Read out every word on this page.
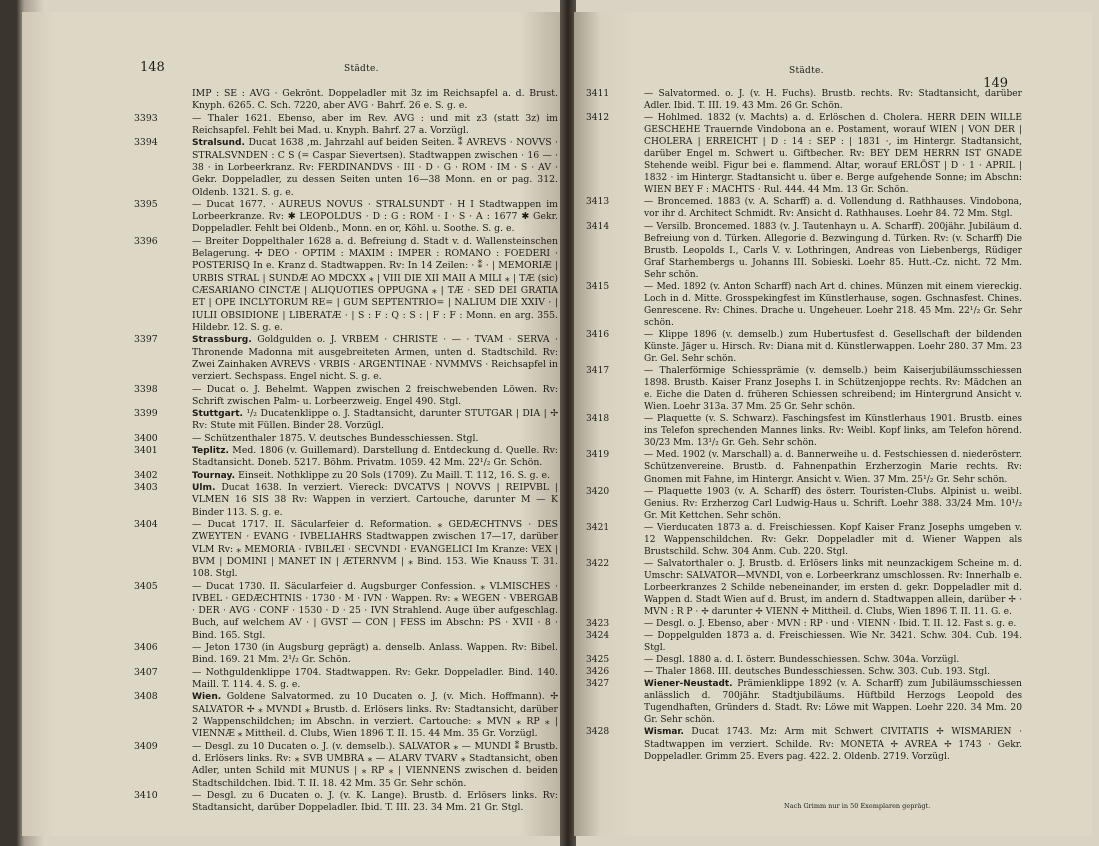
148	Städte.
IMP : SE : AVG · Gekrönt. Doppeladler mit 3z im Reichsapfel a. d. Brust. Knyph. 6265. C. Sch. 7220, aber AVG · Bahrf. 26 e. S. g. e.
3393	— Thaler 1621. Ebenso, aber im Rev. AVG : und mit z3 (statt 3z) im Reichsapfel. Fehlt bei Mad. u. Knyph. Bahrf. 27 a. Vorzügl.
3394	Stralsund. Ducat 1638 ,m. Jahrzahl auf beiden Seiten. ⁑ AVREVS · NOVVS · STRALSVNDEN : C S (= Caspar Sievertsen). Stadtwappen zwischen · 16 — · 38 · in Lorbeerkranz. Rv: FERDINANDVS · III · D · G · ROM · IM · S · AV · Gekr. Doppeladler, zu dessen Seiten unten 16—38 Monn. en or pag. 312. Oldenb. 1321. S. g. e.
3395	— Ducat 1677. · AUREUS NOVUS · STRALSUNDT · H I Stadtwappen im Lorbeerkranze. Rv: ✱ LEOPOLDUS · D : G : ROM · I · S · A : 1677 ✱ Gekr. Doppeladler. Fehlt bei Oldenb., Monn. en or, Köhl. u. Soothe. S. g. e.
3396	— Breiter Doppelthaler 1628 a. d. Befreiung d. Stadt v. d. Wallensteinschen Belagerung. ✢ DEO · OPTIM : MAXIM : IMPER : ROMANO : FOEDERI · POSTERISQ In e. Kranz d. Stadtwappen. Rv: In 14 Zeilen: · ⁑ · | MEMORIÆ | URBIS STRAL | SUNDÆ AO MDCXX ⁎ | VIII DIE XII MAII A MILI ⁎ | TÆ (sic) CÆSARIANO CINCTÆ | ALIQUOTIES OPPUGNA ⁎ | TÆ · SED DEI GRATIA ET | OPE INCLYTORUM RE= | GUM SEPTENTRIO= | NALIUM DIE XXIV · | IULII OBSIDIONE | LIBERATÆ · | S : F : Q : S : | F : F : Monn. en arg. 355. Hildebr. 12. S. g. e.
3397	Strassburg. Goldgulden o. J. VRBEM · CHRISTE · — · TVAM · SERVA · Thronende Madonna mit ausgebreiteten Armen, unten d. Stadtschild. Rv: Zwei Zainhaken AVREVS · VRBIS · ARGENTINAE · NVMMVS · Reichsapfel in verziert. Sechspass. Engel nicht. S. g. e.
3398	— Ducat o. J. Behelmt. Wappen zwischen 2 freischwebenden Löwen. Rv: Schrift zwischen Palm- u. Lorbeerzweig. Engel 490. Stgl.
3399	Stuttgart. ¹/₂ Ducatenklippe o. J. Stadtansicht, darunter STUTGAR | DIA | ✢ Rv: Stute mit Füllen. Binder 28. Vorzügl.
3400	— Schützenthaler 1875. V. deutsches Bundesschiessen. Stgl.
3401	Teplitz. Med. 1806 (v. Guillemard). Darstellung d. Entdeckung d. Quelle. Rv: Stadtansicht. Doneb. 5217. Böhm. Privatm. 1059. 42 Mm. 22¹/₂ Gr. Schön.
3402	Tournay. Einseit. Nothklippe zu 20 Sols (1709). Zu Maill. T. 112, 16. S. g. e.
3403	Ulm. Ducat 1638. In verziert. Viereck: DVCATVS | NOVVS | REIPVBL | VLMEN 16 SIS 38 Rv: Wappen in verziert. Cartouche, darunter M — K Binder 113. S. g. e.
3404	— Ducat 1717. II. Säcularfeier d. Reformation. ⁎ GEDÆCHTNVS · DES ZWEYTEN · EVANG · IVBELIAHRS Stadtwappen zwischen 17—17, darüber VLM Rv: ⁎ MEMORIA · IVBILÆI · SECVNDI · EVANGELICI Im Kranze: VEX | BVM | DOMINI | MANET IN | ÆTERNVM | ⁎ Bind. 153. Wie Knauss T. 31. 108. Stgl.
3405	— Ducat 1730. II. Säcularfeier d. Augsburger Confession. ⁎ VLMISCHES · IVBEL · GEDÆCHTNIS · 1730 · M · IVN · Wappen. Rv: ⁎ WEGEN · VBERGAB · DER · AVG · CONF · 1530 · D · 25 · IVN Strahlend. Auge über aufgeschlag. Buch, auf welchem AV · | GVST — CON | FESS im Abschn: PS · XVII · 8 · Bind. 165. Stgl.
3406	— Jeton 1730 (in Augsburg geprägt) a. denselb. Anlass. Wappen. Rv: Bibel. Bind. 169. 21 Mm. 2¹/₂ Gr. Schön.
3407	— Nothguldenklippe 1704. Stadtwappen. Rv: Gekr. Doppeladler. Bind. 140. Maill. T. 114. 4. S. g. e.
3408	Wien. Goldene Salvatormed. zu 10 Ducaten o. J. (v. Mich. Hoffmann). ✢ SALVATOR ✢ ⁎ MVNDI ⁎ Brustb. d. Erlösers links. Rv: Stadtansicht, darüber 2 Wappenschildchen; im Abschn. in verziert. Cartouche: ⁎ MVN ⁎ RP ⁎ | VIENNÆ ⁎ Mittheil. d. Clubs, Wien 1896 T. II. 15. 44 Mm. 35 Gr. Vorzügl.
3409	— Desgl. zu 10 Ducaten o. J. (v. demselb.). SALVATOR ⁎ — MUNDI ⁑ Brustb. d. Erlösers links. Rv: ⁎ SVB UMBRA ⁎ — ALARV TVARV ⁎ Stadtansicht, oben Adler, unten Schild mit MUNUS | ⁎ RP ⁎ | VIENNENS zwischen d. beiden Stadtschildchen. Ibid. T. II. 18. 42 Mm. 35 Gr. Sehr schön.
3410	— Desgl. zu 6 Ducaten o. J. (v. K. Lange). Brustb. d. Erlösers links. Rv: Stadtansicht, darüber Doppeladler. Ibid. T. III. 23. 34 Mm. 21 Gr. Stgl.
Städte.
149
3411	— Salvatormed. o. J. (v. H. Fuchs). Brustb. rechts. Rv: Stadtansicht, darüber Adler. Ibid. T. III. 19. 43 Mm. 26 Gr. Schön.
3412	— Hohlmed. 1832 (v. Machts) a. d. Erlöschen d. Cholera. HERR DEIN WILLE GESCHEHE Trauernde Vindobona an e. Postament, worauf WIEN | VON DER | CHOLERA | ERREICHT | D : 14 : SEP : | 1831 ·, im Hintergr. Stadtansicht, darüber Engel m. Schwert u. Giftbecher. Rv: BEY DEM HERRN IST GNADE Stehende weibl. Figur bei e. flammend. Altar, worauf ERLÖST | D · 1 · APRIL | 1832 · im Hintergr. Stadtansicht u. über e. Berge aufgehende Sonne; im Abschn: WIEN BEY F : MACHTS · Rul. 444. 44 Mm. 13 Gr. Schön.
3413	— Broncemed. 1883 (v. A. Scharff) a. d. Vollendung d. Rathhauses. Vindobona, vor ihr d. Architect Schmidt. Rv: Ansicht d. Rathhauses. Loehr 84. 72 Mm. Stgl.
3414	— Versilb. Broncemed. 1883 (v. J. Tautenhayn u. A. Scharff). 200jähr. Jubiläum d. Befreiung von d. Türken. Allegorie d. Bezwingung d. Türken. Rv: (v. Scharff) Die Brustb. Leopolds I., Carls V. v. Lothringen, Andreas von Liebenbergs, Rüdiger Graf Starhembergs u. Johanns III. Sobieski. Loehr 85. Hutt.-Cz. nicht. 72 Mm. Sehr schön.
3415	— Med. 1892 (v. Anton Scharff) nach Art d. chines. Münzen mit einem viereckig. Loch in d. Mitte. Grosspekingfest im Künstlerhause, sogen. Gschnasfest. Chines. Genrescene. Rv: Chines. Drache u. Ungeheuer. Loehr 218. 45 Mm. 22¹/₂ Gr. Sehr schön.
3416	— Klippe 1896 (v. demselb.) zum Hubertusfest d. Gesellschaft der bildenden Künste. Jäger u. Hirsch. Rv: Diana mit d. Künstlerwappen. Loehr 280. 37 Mm. 23 Gr. Gel. Sehr schön.
3417	— Thalerförmige Schiessprämie (v. demselb.) beim Kaiserjubiläumsschiessen 1898. Brustb. Kaiser Franz Josephs I. in Schützenjoppe rechts. Rv: Mädchen an e. Eiche die Daten d. früheren Schiessen schreibend; im Hintergrund Ansicht v. Wien. Loehr 313a. 37 Mm. 25 Gr. Sehr schön.
3418	— Plaquette (v. S. Schwarz). Faschingsfest im Künstlerhaus 1901. Brustb. eines ins Telefon sprechenden Mannes links. Rv: Weibl. Kopf links, am Telefon hörend. 30/23 Mm. 13¹/₂ Gr. Geh. Sehr schön.
3419	— Med. 1902 (v. Marschall) a. d. Bannerweihe u. d. Festschiessen d. niederösterr. Schützenvereine. Brustb. d. Fahnenpathin Erzherzogin Marie rechts. Rv: Gnomen mit Fahne, im Hintergr. Ansicht v. Wien. 37 Mm. 25¹/₂ Gr. Sehr schön.
3420	— Plaquette 1903 (v. A. Scharff) des österr. Touristen-Clubs. Alpinist u. weibl. Genius. Rv: Erzherzog Carl Ludwig-Haus u. Schrift. Loehr 388. 33/24 Mm. 10¹/₂ Gr. Mit Kettchen. Sehr schön.
3421	— Vierducaten 1873 a. d. Freischiessen. Kopf Kaiser Franz Josephs umgeben v. 12 Wappenschildchen. Rv: Gekr. Doppeladler mit d. Wiener Wappen als Brustschild. Schw. 304 Anm. Cub. 220. Stgl.
3422	— Salvatorthaler o. J. Brustb. d. Erlösers links mit neunzackigem Scheine m. d. Umschr: SALVATOR—MVNDI, von e. Lorbeerkranz umschlossen. Rv: Innerhalb e. Lorbeerkranzes 2 Schilde nebeneinander, im ersten d. gekr. Doppeladler mit d. Wappen d. Stadt Wien auf d. Brust, im andern d. Stadtwappen allein, darüber ✢ · MVN : R P · ✢ darunter ✢ VIENN ✢ Mittheil. d. Clubs, Wien 1896 T. II. 11. G. e.
3423	— Desgl. o. J. Ebenso, aber · MVN : RP · und · VIENN · Ibid. T. II. 12. Fast s. g. e.
3424	— Doppelgulden 1873 a. d. Freischiessen. Wie Nr. 3421. Schw. 304. Cub. 194. Stgl.
3425	— Desgl. 1880 a. d. I. österr. Bundesschiessen. Schw. 304a. Vorzügl.
3426	— Thaler 1868. III. deutsches Bundesschiessen. Schw. 303. Cub. 193. Stgl.
3427	Wiener-Neustadt. Prämienklippe 1892 (v. A. Scharff) zum Jubiläumsschiessen anlässlich d. 700jähr. Stadtjubiläums. Hüftbild Herzogs Leopold des Tugendhaften, Gründers d. Stadt. Rv: Löwe mit Wappen. Loehr 220. 34 Mm. 20 Gr. Sehr schön.
3428	Wismar. Ducat 1743. Mz: Arm mit Schwert CIVITATIS ✢ WISMARIEN · Stadtwappen im verziert. Schilde. Rv: MONETA ✢ AVREA ✢ 1743 · Gekr. Doppeladler. Grimm 25. Evers pag. 422. 2. Oldenb. 2719. Vorzügl.
Nach Grimm nur in 50 Exemplaren geprägt.
